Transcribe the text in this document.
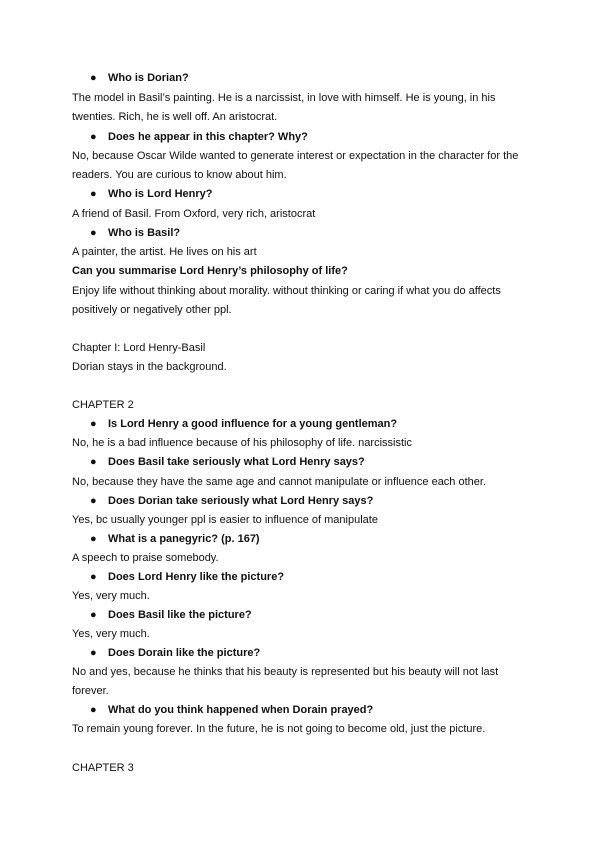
● Who is Dorian?
The model in Basil’s painting. He is a narcissist, in love with himself. He is young, in his
twenties. Rich, he is well off. An aristocrat.
● Does he appear in this chapter? Why?
No, because Oscar Wilde wanted to generate interest or expectation in the character for the
readers. You are curious to know about him.
● Who is Lord Henry?
A friend of Basil. From Oxford, very rich, aristocrat
● Who is Basil?
A painter, the artist. He lives on his art
Can you summarise Lord Henry’s philosophy of life?
Enjoy life without thinking about morality. without thinking or caring if what you do affects
positively or negatively other ppl.
Chapter I: Lord Henry-Basil
Dorian stays in the background.
CHAPTER 2
● Is Lord Henry a good influence for a young gentleman?
No, he is a bad influence because of his philosophy of life. narcissistic
● Does Basil take seriously what Lord Henry says?
No, because they have the same age and cannot manipulate or influence each other.
● Does Dorian take seriously what Lord Henry says?
Yes, bc usually younger ppl is easier to influence of manipulate
● What is a panegyric? (p. 167)
A speech to praise somebody.
● Does Lord Henry like the picture?
Yes, very much.
● Does Basil like the picture?
Yes, very much.
● Does Dorain like the picture?
No and yes, because he thinks that his beauty is represented but his beauty will not last
forever.
● What do you think happened when Dorain prayed?
To remain young forever. In the future, he is not going to become old, just the picture.
CHAPTER 3
